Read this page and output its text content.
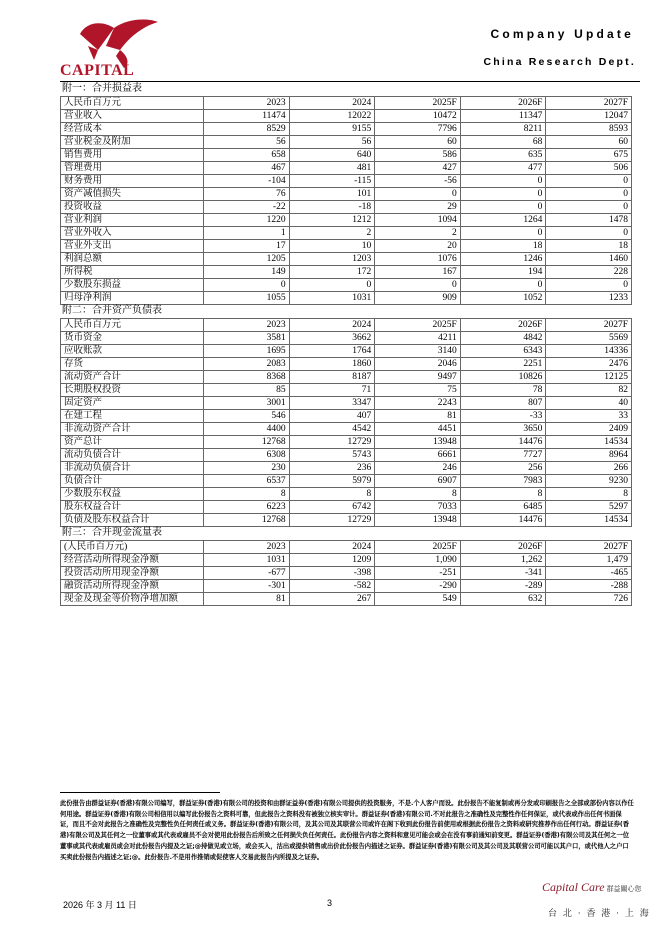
CAPITAL
Company Update
China Research Dept.
附一：合并损益表
人民币百万元	2023	2024	2025F	2026F	2027F
营业收入	11474	12022	10472	11347	12047
经营成本	8529	9155	7796	8211	8593
营业税金及附加	56	56	60	68	60
销售费用	658	640	586	635	675
管理费用	467	481	427	477	506
财务费用	-104	-115	-56	0	0
资产减值损失	76	101	0	0	0
投资收益	-22	-18	29	0	0
营业利润	1220	1212	1094	1264	1478
营业外收入	1	2	2	0	0
营业外支出	17	10	20	18	18
利润总额	1205	1203	1076	1246	1460
所得税	149	172	167	194	228
少数股东损益	0	0	0	0	0
归母净利润	1055	1031	909	1052	1233
附二：合并资产负债表
人民币百万元	2023	2024	2025F	2026F	2027F
货币资金	3581	3662	4211	4842	5569
应收账款	1695	1764	3140	6343	14336
存货	2083	1860	2046	2251	2476
流动资产合计	8368	8187	9497	10826	12125
长期股权投资	85	71	75	78	82
固定资产	3001	3347	2243	807	40
在建工程	546	407	81	-33	33
非流动资产合计	4400	4542	4451	3650	2409
资产总计	12768	12729	13948	14476	14534
流动负债合计	6308	5743	6661	7727	8964
非流动负债合计	230	236	246	256	266
负债合计	6537	5979	6907	7983	9230
少数股东权益	8	8	8	8	8
股东权益合计	6223	6742	7033	6485	5297
负债及股东权益合计	12768	12729	13948	14476	14534
附三：合并现金流量表
(人民币百万元)	2023	2024	2025F	2026F	2027F
经营活动所得现金净额	1031	1209	1,090	1,262	1,479
投资活动所用现金净额	-677	-398	-251	-341	-465
融资活动所得现金净额	-301	-582	-290	-289	-288
现金及现金等价物净增加额	81	267	549	632	726
此份报告由群益证券(香港)有限公司编写，群益证券(香港)有限公司的投资和由群证益券(香港)有限公司提供的投资服务，不是.个人客户而设。此份报告不能复制或再分发或印刷报告之全部或部份内容以作任何用途。群益证券(香港)有限公司相信用以编写此份报告之资料可靠，但此报告之资料没有被独立核实审计。群益证券(香港)有限公司.不对此报告之准确性及完整性作任何保证，或代表或作出任何书面保证，而且不会对此报告之准确性及完整性负任何责任或义务。群益证券(香港)有限公司，及其公司及其联营公司或许在阁下收到此份报告前使用或根据此份报告之资料或研究推荐作出任何行动。群益证券(香港)有限公司及其任何之一位董事或其代表或雇员不会对使用此份报告后所致之任何损失负任何责任。此份报告内容之资料和意见可能会或会在没有事前通知前变更。群益证券(香港)有限公司及其任何之一位董事或其代表或雇员或会对此份报告内提及之证;@持做见或立场，或会买入，沽出或提供销售或出价此份报告内描述之证券。群益证券(香港)有限公司及其公司及其联营公司可能以其户口，或代他人之户口买卖此份报告内描述之证;@。此份报告.不是用作推销或促使客人交易此报告内所提及之证券。
2026 年 3 月 11 日	3
Capital Care 群益關心您
台 北 · 香 港 · 上 海
